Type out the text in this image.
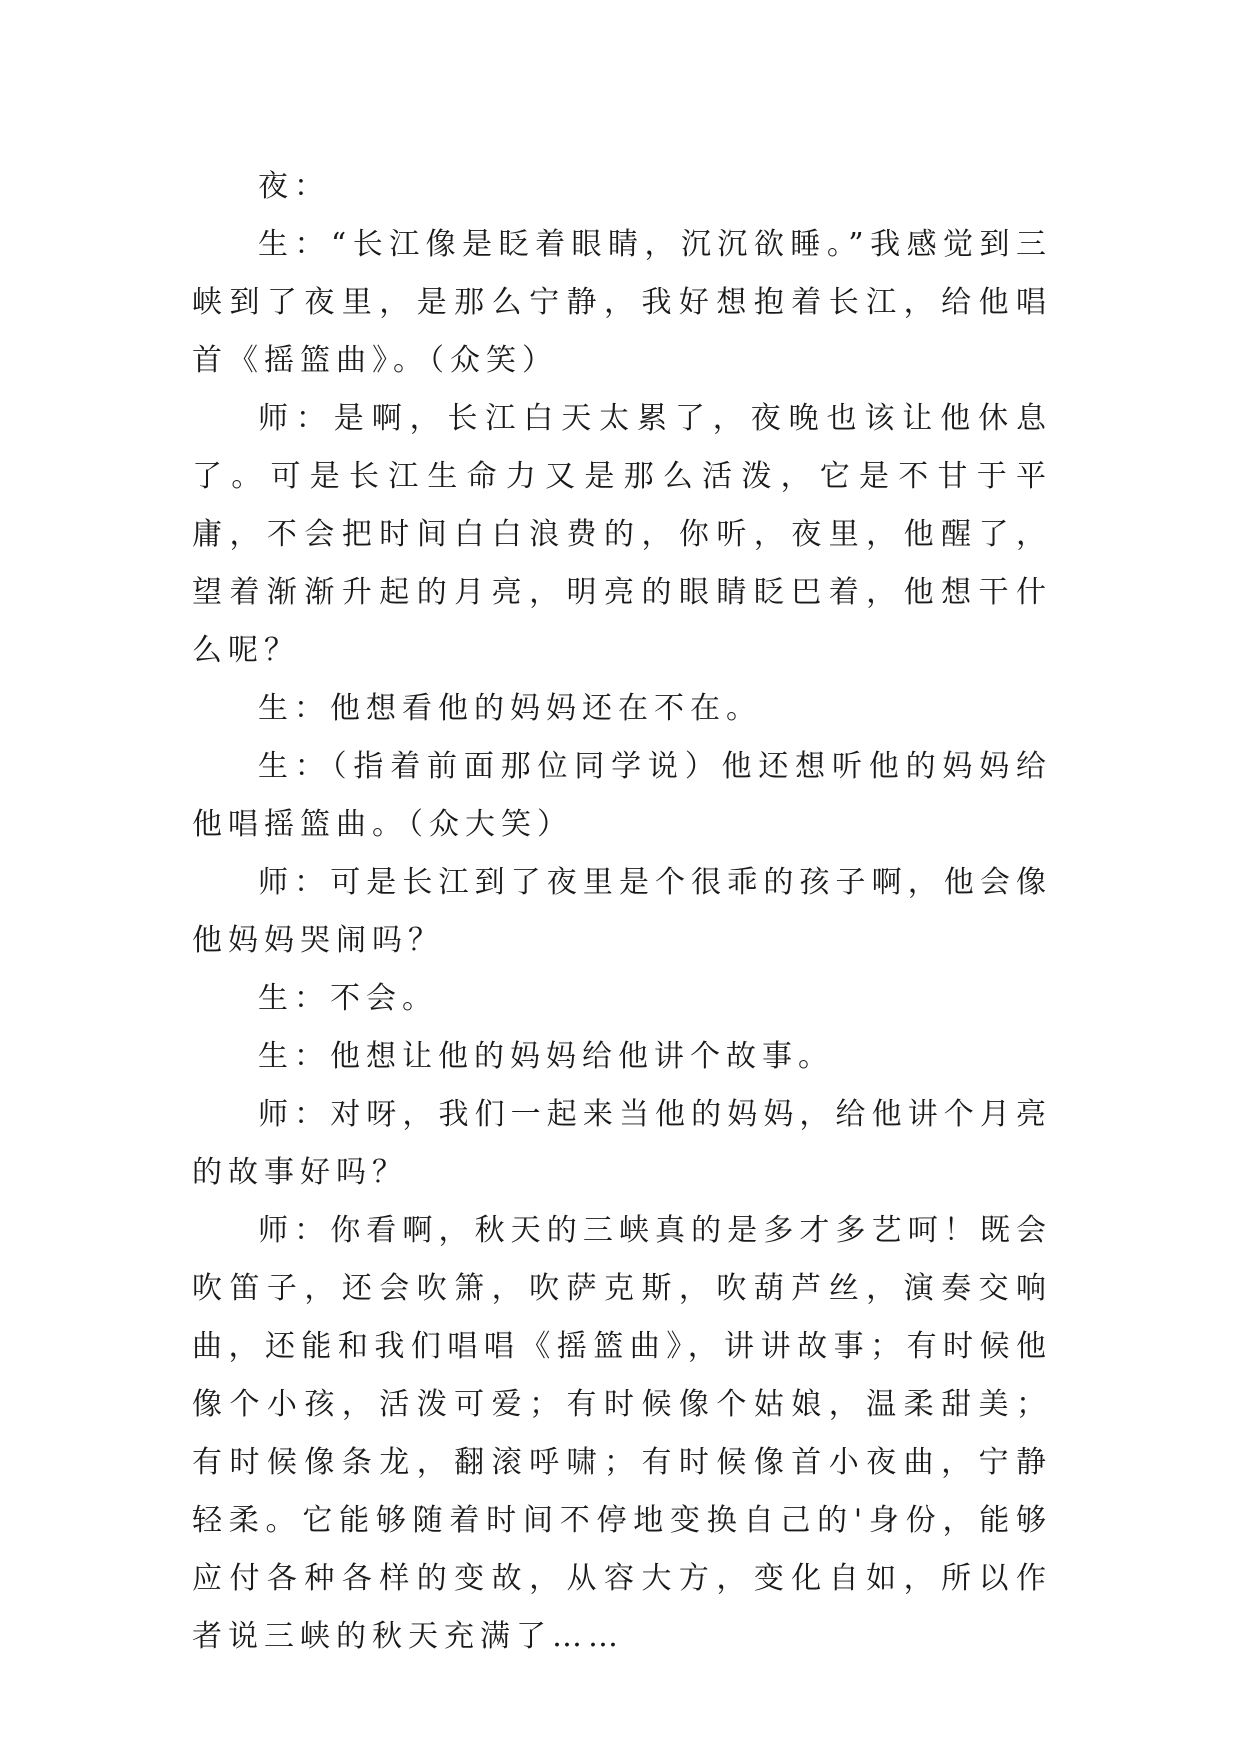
夜：

生：“长江像是眨着眼睛，沉沉欲睡。”我感觉到三峡到了夜里，是那么宁静，我好想抱着长江，给他唱首《摇篮曲》。（众笑）

师：是啊，长江白天太累了，夜晚也该让他休息了。可是长江生命力又是那么活泼，它是不甘于平庸，不会把时间白白浪费的，你听，夜里，他醒了，望着渐渐升起的月亮，明亮的眼睛眨巴着，他想干什么呢？

生：他想看他的妈妈还在不在。

生：（指着前面那位同学说）他还想听他的妈妈给他唱摇篮曲。（众大笑）

师：可是长江到了夜里是个很乖的孩子啊，他会像他妈妈哭闹吗？

生：不会。

生：他想让他的妈妈给他讲个故事。

师：对呀，我们一起来当他的妈妈，给他讲个月亮的故事好吗？

师：你看啊，秋天的三峡真的是多才多艺呵！既会吹笛子，还会吹箫，吹萨克斯，吹葫芦丝，演奏交响曲，还能和我们唱唱《摇篮曲》，讲讲故事；有时候他像个小孩，活泼可爱；有时候像个姑娘，温柔甜美；有时候像条龙，翻滚呼啸；有时候像首小夜曲，宁静轻柔。它能够随着时间不停地变换自己的'身份，能够应付各种各样的变故，从容大方，变化自如，所以作者说三峡的秋天充满了……
